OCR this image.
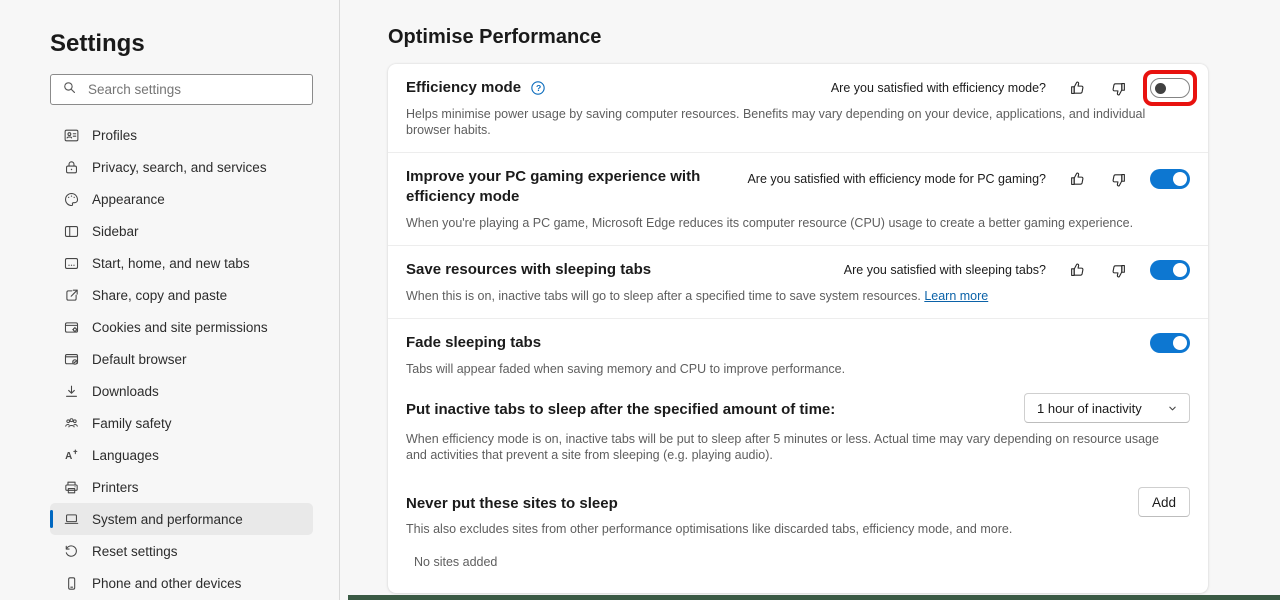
Settings
Search settings
Profiles
Privacy, search, and services
Appearance
Sidebar
Start, home, and new tabs
Share, copy and paste
Cookies and site permissions
Default browser
Downloads
Family safety
A Languages
Printers
System and performance
Reset settings
Phone and other devices
Optimise Performance
Efficiency mode ?	Are you satisfied with efficiency mode?
Helps minimise power usage by saving computer resources. Benefits may vary depending on your device, applications, and individual browser habits.
Improve your PC gaming experience with efficiency mode
Are you satisfied with efficiency mode for PC gaming?
When you're playing a PC game, Microsoft Edge reduces its computer resource (CPU) usage to create a better gaming experience.
Save resources with sleeping tabs	Are you satisfied with sleeping tabs?
When this is on, inactive tabs will go to sleep after a specified time to save system resources. Learn more
Fade sleeping tabs
Tabs will appear faded when saving memory and CPU to improve performance.
Put inactive tabs to sleep after the specified amount of time:	1 hour of inactivity
When efficiency mode is on, inactive tabs will be put to sleep after 5 minutes or less. Actual time may vary depending on resource usage and activities that prevent a site from sleeping (e.g. playing audio).
Never put these sites to sleep	Add
This also excludes sites from other performance optimisations like discarded tabs, efficiency mode, and more.
No sites added
